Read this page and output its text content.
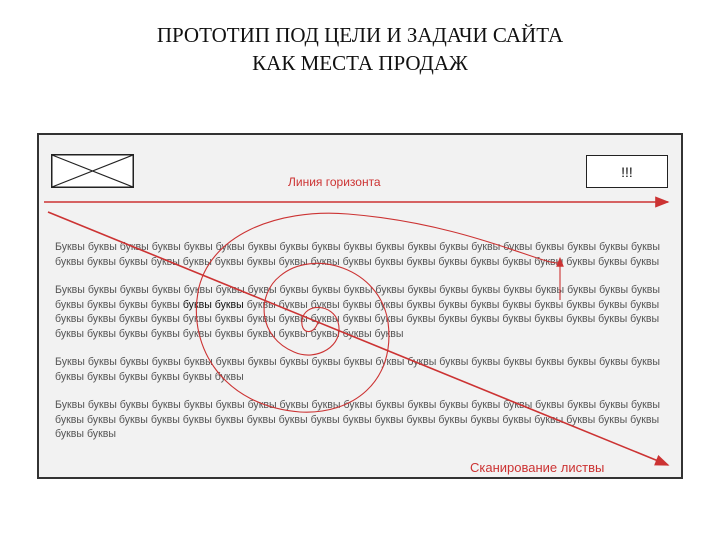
ПРОТОТИП ПОД ЦЕЛИ И ЗАДАЧИ САЙТА
КАК МЕСТА ПРОДАЖ
!!!
Линия горизонта
Буквы буквы буквы буквы буквы буквы буквы буквы буквы буквы буквы буквы буквы буквы буквы буквы буквы буквы буквы
буквы буквы буквы буквы буквы буквы буквы буквы буквы буквы буквы буквы буквы буквы буквы буквы буквы буквы буквы
Буквы буквы буквы буквы буквы буквы буквы буквы буквы буквы буквы буквы буквы буквы буквы буквы буквы буквы буквы
буквы буквы буквы буквы буквы буквы буквы буквы буквы буквы буквы буквы буквы буквы буквы буквы буквы буквы буквы
буквы буквы буквы буквы буквы буквы буквы буквы буквы буквы буквы буквы буквы буквы буквы буквы буквы буквы буквы
буквы буквы буквы буквы буквы буквы буквы буквы буквы буквы буквы
Буквы буквы буквы буквы буквы буквы буквы буквы буквы буквы буквы буквы буквы буквы буквы буквы буквы буквы буквы
буквы буквы буквы буквы буквы буквы
Буквы буквы буквы буквы буквы буквы буквы буквы буквы буквы буквы буквы буквы буквы буквы буквы буквы буквы буквы
буквы буквы буквы буквы буквы буквы буквы буквы буквы буквы буквы буквы буквы буквы буквы буквы буквы буквы буквы
буквы буквы
Сканирование листвы
